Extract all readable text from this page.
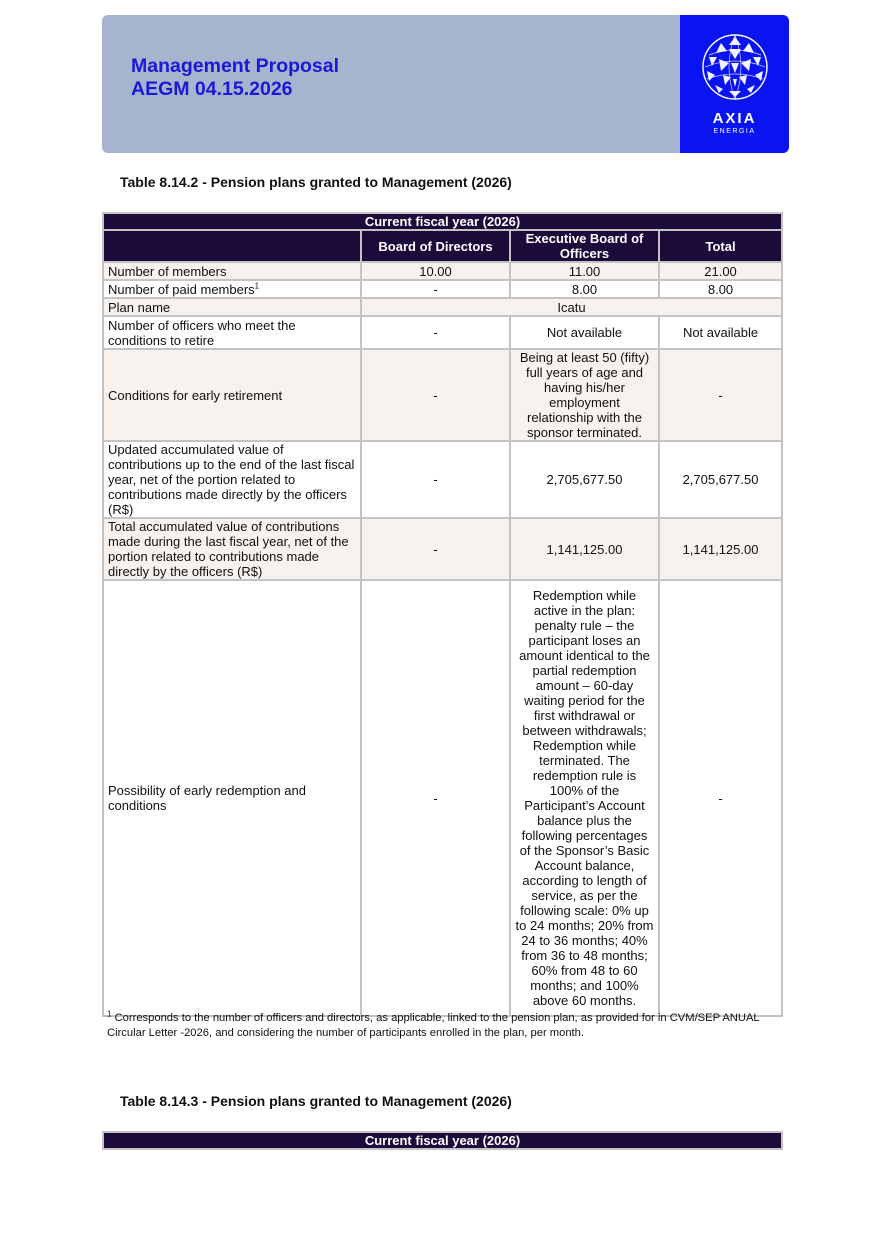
Management Proposal
AEGM 04.15.2026
AXIA
ENERGIA
Table 8.14.2 - Pension plans granted to Management (2026)
Current fiscal year (2026)			
	Board of Directors	Executive Board of Officers	Total
Number of members	10.00	11.00	21.00
Number of paid members$^1$	-	8.00	8.00
Plan name	Icatu		
Number of officers who meet the conditions to retire	-	Not available	Not available
Conditions for early retirement	-	Being at least 50 (fifty) full years of age and having his/her employment relationship with the sponsor terminated.	-
Updated accumulated value of contributions up to the end of the last fiscal year, net of the portion related to contributions made directly by the officers (R$)	-	2,705,677.50	2,705,677.50
Total accumulated value of contributions made during the last fiscal year, net of the portion related to contributions made directly by the officers (R$)	-	1,141,125.00	1,141,125.00
Possibility of early redemption and conditions	-	Redemption while active in the plan: penalty rule – the participant loses an amount identical to the partial redemption amount – 60-day waiting period for the first withdrawal or between withdrawals; Redemption while terminated. The redemption rule is 100% of the Participant’s Account balance plus the following percentages of the Sponsor’s Basic Account balance, according to length of service, as per the following scale: 0% up to 24 months; 20% from 24 to 36 months; 40% from 36 to 48 months; 60% from 48 to 60 months; and 100% above 60 months.	-
$^1$ Corresponds to the number of officers and directors, as applicable, linked to the pension plan, as provided for in CVM/SEP ANUAL Circular Letter -2026, and considering the number of participants enrolled in the plan, per month.
Table 8.14.3 - Pension plans granted to Management (2026)
Current fiscal year (2026)
